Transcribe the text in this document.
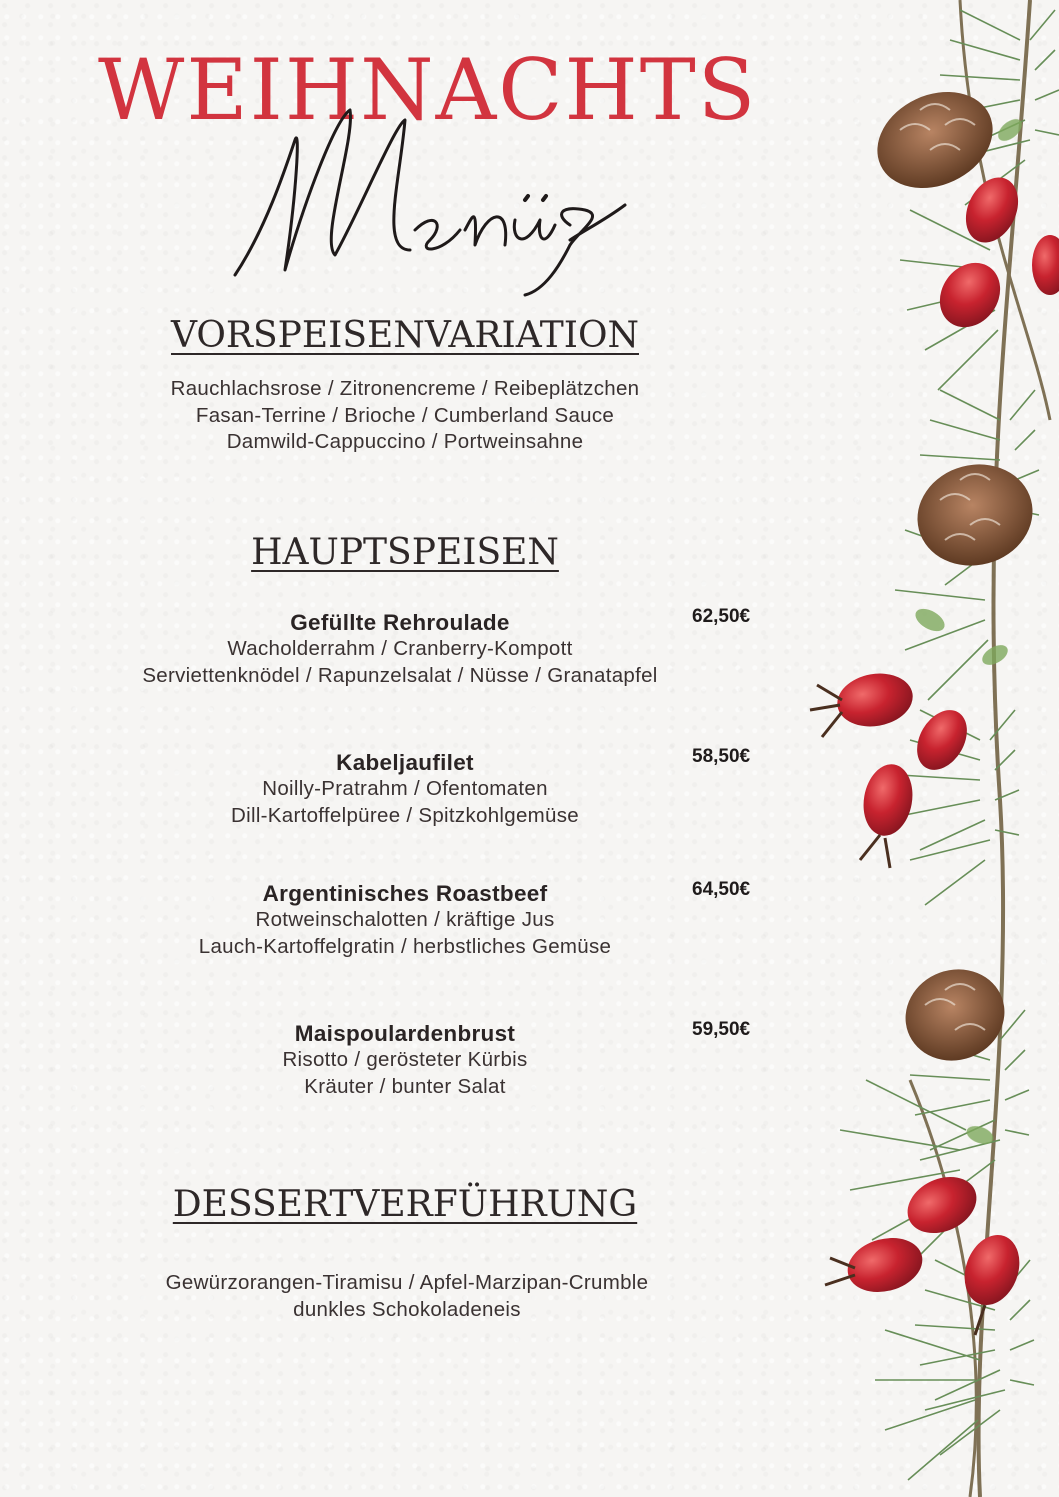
WEIHNACHTS
VORSPEISENVARIATION
Rauchlachsrose / Zitronencreme / Reibeplätzchen
Fasan-Terrine / Brioche / Cumberland Sauce
Damwild-Cappuccino / Portweinsahne
HAUPTSPEISEN
Gefüllte Rehroulade
Wacholderrahm / Cranberry-Kompott
Serviettenknödel / Rapunzelsalat / Nüsse / Granatapfel
62,50€
Kabeljaufilet
Noilly-Pratrahm / Ofentomaten
Dill-Kartoffelpüree / Spitzkohlgemüse
58,50€
Argentinisches Roastbeef
Rotweinschalotten / kräftige Jus
Lauch-Kartoffelgratin / herbstliches Gemüse
64,50€
Maispoulardenbrust
Risotto / gerösteter Kürbis
Kräuter / bunter Salat
59,50€
DESSERTVERFÜHRUNG
Gewürzorangen-Tiramisu / Apfel-Marzipan-Crumble
dunkles Schokoladeneis
